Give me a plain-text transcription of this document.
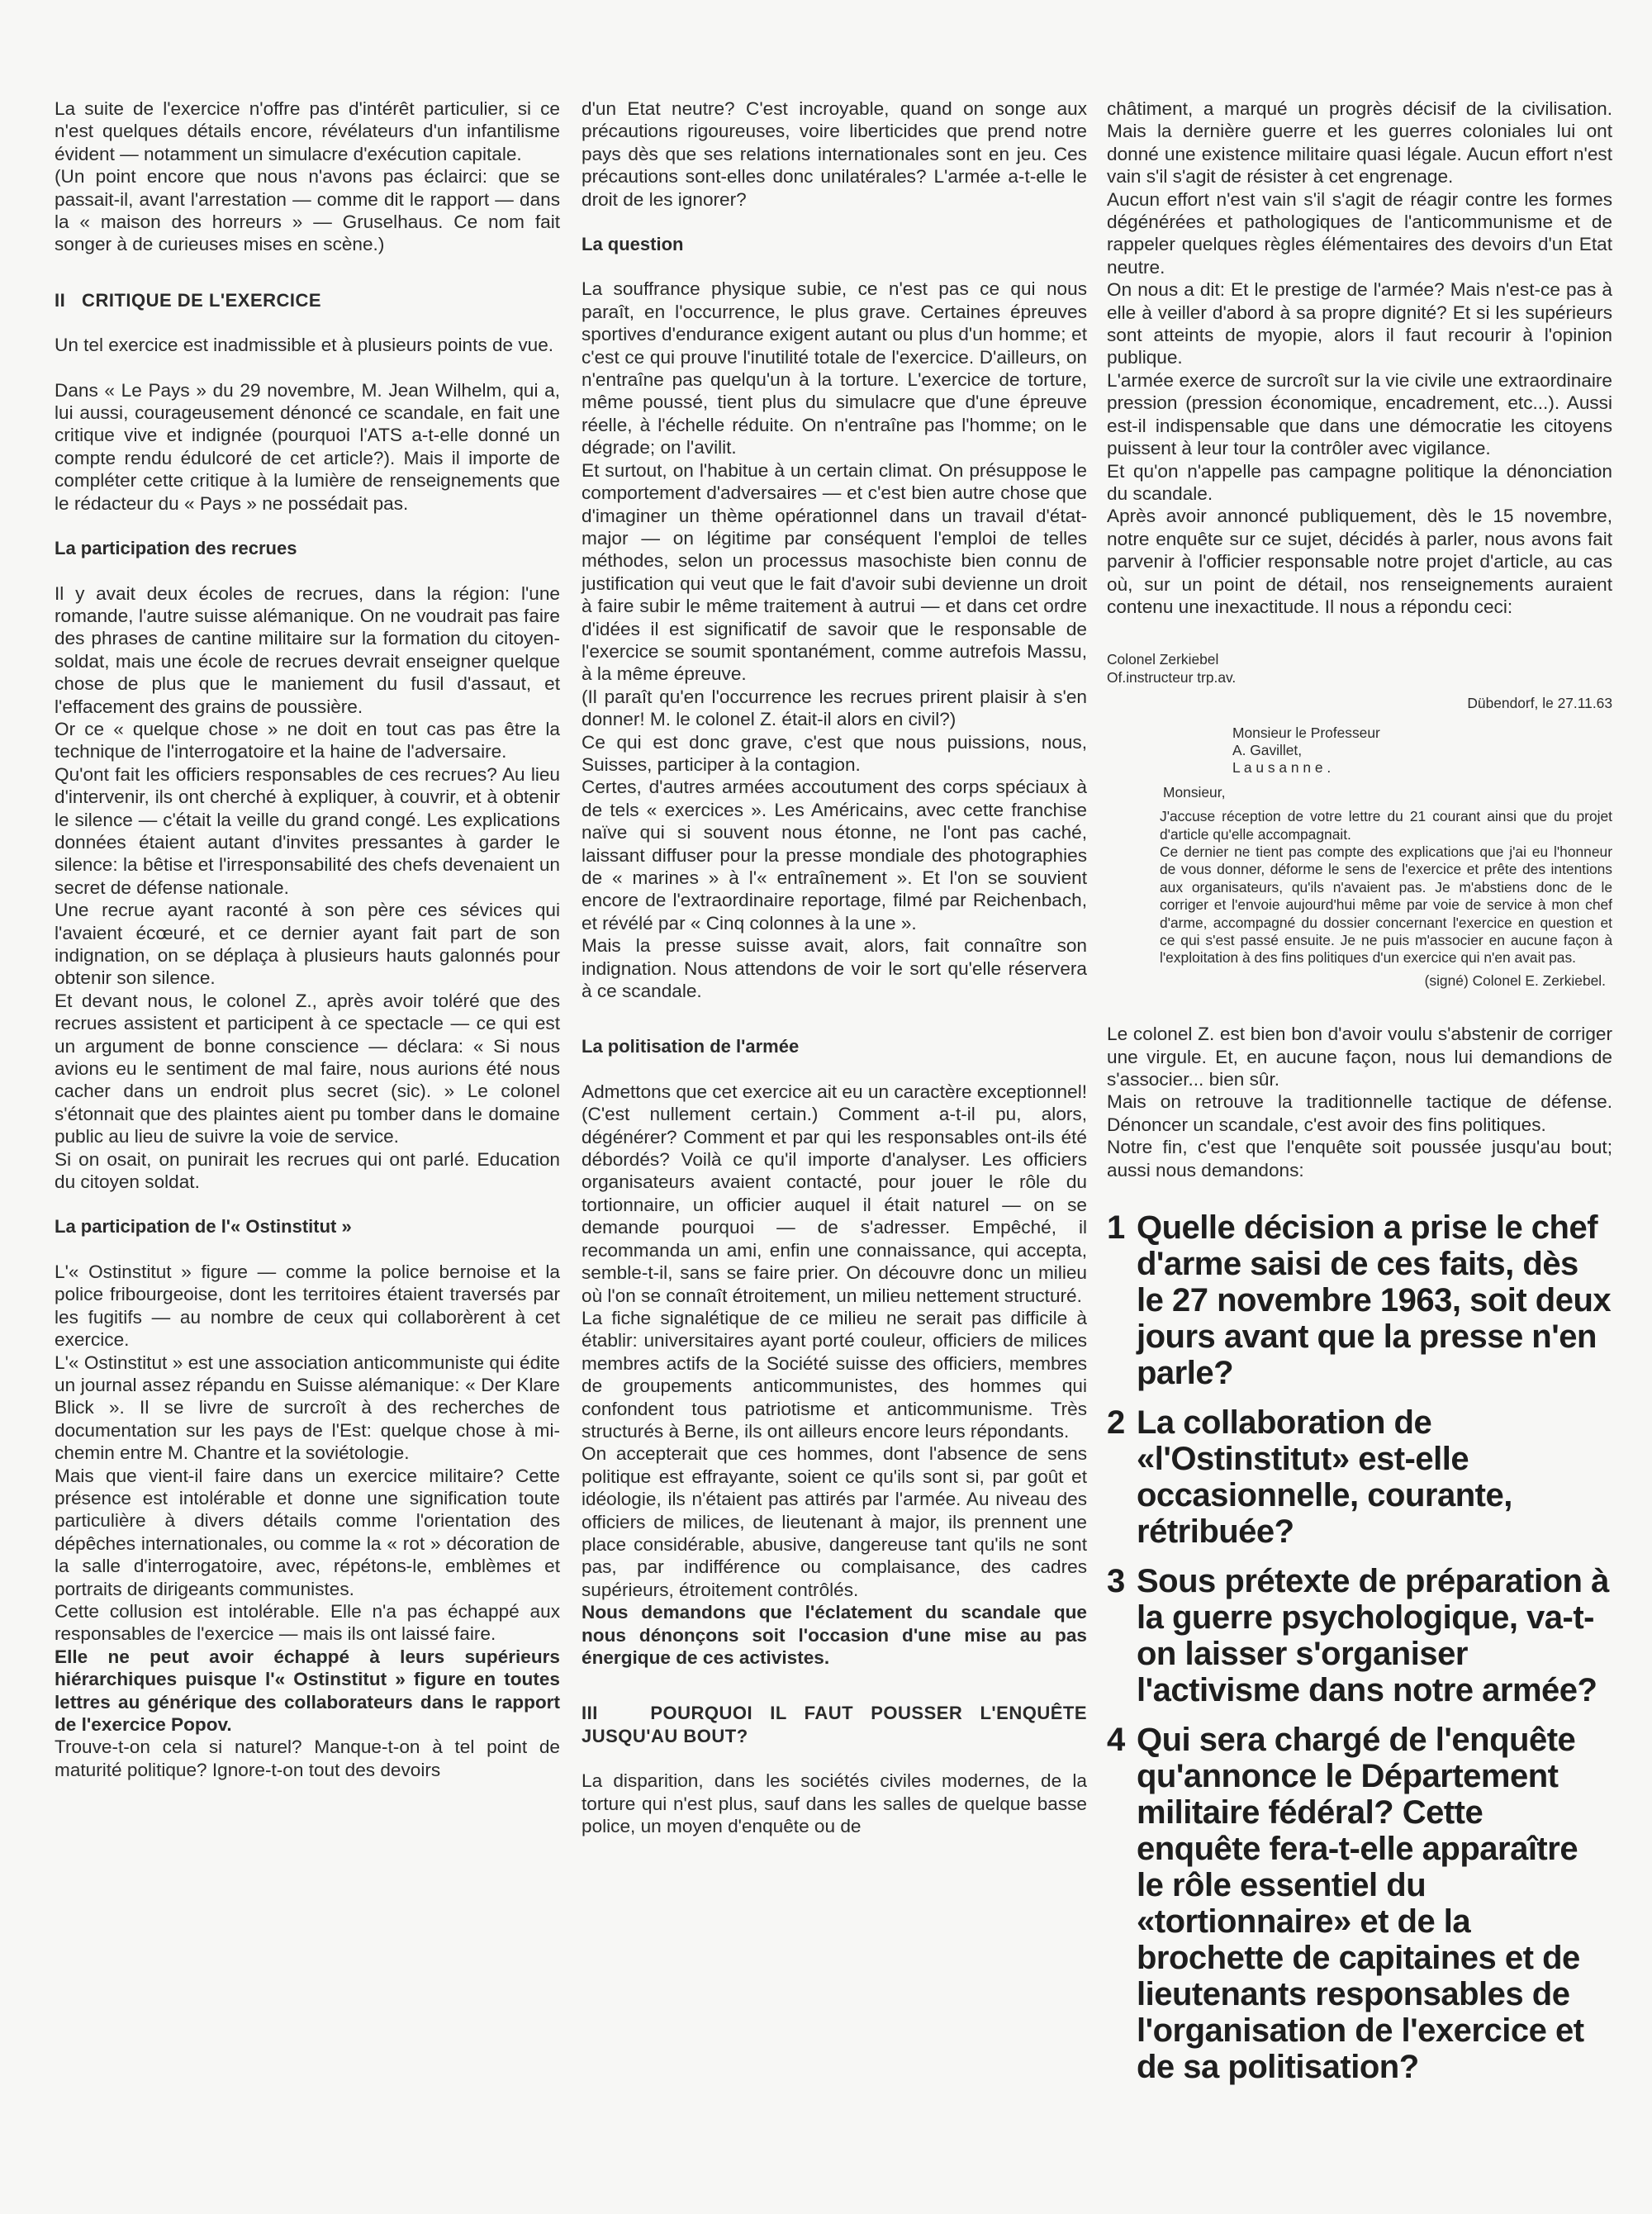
La suite de l'exercice n'offre pas d'intérêt particulier, si ce n'est quelques détails encore, révélateurs d'un infantilisme évident — notamment un simulacre d'exécution capitale.

(Un point encore que nous n'avons pas éclairci: que se passait-il, avant l'arrestation — comme dit le rapport — dans la « maison des horreurs » — Gruselhaus. Ce nom fait songer à de curieuses mises en scène.)

II   CRITIQUE DE L'EXERCICE

Un tel exercice est inadmissible et à plusieurs points de vue.

Dans « Le Pays » du 29 novembre, M. Jean Wilhelm, qui a, lui aussi, courageusement dénoncé ce scandale, en fait une critique vive et indignée (pourquoi l'ATS a-t-elle donné un compte rendu édulcoré de cet article?). Mais il importe de compléter cette critique à la lumière de renseignements que le rédacteur du « Pays » ne possédait pas.

La participation des recrues

Il y avait deux écoles de recrues, dans la région: l'une romande, l'autre suisse alémanique. On ne voudrait pas faire des phrases de cantine militaire sur la formation du citoyen-soldat, mais une école de recrues devrait enseigner quelque chose de plus que le maniement du fusil d'assaut, et l'effacement des grains de poussière.

Or ce « quelque chose » ne doit en tout cas pas être la technique de l'interrogatoire et la haine de l'adversaire.

Qu'ont fait les officiers responsables de ces recrues? Au lieu d'intervenir, ils ont cherché à expliquer, à couvrir, et à obtenir le silence — c'était la veille du grand congé. Les explications données étaient autant d'invites pressantes à garder le silence: la bêtise et l'irresponsabilité des chefs devenaient un secret de défense nationale.

Une recrue ayant raconté à son père ces sévices qui l'avaient écœuré, et ce dernier ayant fait part de son indignation, on se déplaça à plusieurs hauts galonnés pour obtenir son silence.

Et devant nous, le colonel Z., après avoir toléré que des recrues assistent et participent à ce spectacle — ce qui est un argument de bonne conscience — déclara: « Si nous avions eu le sentiment de mal faire, nous aurions été nous cacher dans un endroit plus secret (sic). » Le colonel s'étonnait que des plaintes aient pu tomber dans le domaine public au lieu de suivre la voie de service.

Si on osait, on punirait les recrues qui ont parlé. Education du citoyen soldat.

La participation de l'« Ostinstitut »

L'« Ostinstitut » figure — comme la police bernoise et la police fribourgeoise, dont les territoires étaient traversés par les fugitifs — au nombre de ceux qui collaborèrent à cet exercice.

L'« Ostinstitut » est une association anticommuniste qui édite un journal assez répandu en Suisse alémanique: « Der Klare Blick ». Il se livre de surcroît à des recherches de documentation sur les pays de l'Est: quelque chose à mi-chemin entre M. Chantre et la soviétologie.

Mais que vient-il faire dans un exercice militaire? Cette présence est intolérable et donne une signification toute particulière à divers détails comme l'orientation des dépêches internationales, ou comme la « rot » décoration de la salle d'interrogatoire, avec, répétons-le, emblèmes et portraits de dirigeants communistes.

Cette collusion est intolérable. Elle n'a pas échappé aux responsables de l'exercice — mais ils ont laissé faire.

Elle ne peut avoir échappé à leurs supérieurs hiérarchiques puisque l'« Ostinstitut » figure en toutes lettres au générique des collaborateurs dans le rapport de l'exercice Popov.

Trouve-t-on cela si naturel? Manque-t-on à tel point de maturité politique? Ignore-t-on tout des devoirs

d'un Etat neutre? C'est incroyable, quand on songe aux précautions rigoureuses, voire liberticides que prend notre pays dès que ses relations internationales sont en jeu. Ces précautions sont-elles donc unilatérales? L'armée a-t-elle le droit de les ignorer?

La question

La souffrance physique subie, ce n'est pas ce qui nous paraît, en l'occurrence, le plus grave. Certaines épreuves sportives d'endurance exigent autant ou plus d'un homme; et c'est ce qui prouve l'inutilité totale de l'exercice. D'ailleurs, on n'entraîne pas quelqu'un à la torture. L'exercice de torture, même poussé, tient plus du simulacre que d'une épreuve réelle, à l'échelle réduite. On n'entraîne pas l'homme; on le dégrade; on l'avilit.

Et surtout, on l'habitue à un certain climat. On présuppose le comportement d'adversaires — et c'est bien autre chose que d'imaginer un thème opérationnel dans un travail d'état-major — on légitime par conséquent l'emploi de telles méthodes, selon un processus masochiste bien connu de justification qui veut que le fait d'avoir subi devienne un droit à faire subir le même traitement à autrui — et dans cet ordre d'idées il est significatif de savoir que le responsable de l'exercice se soumit spontanément, comme autrefois Massu, à la même épreuve.

(Il paraît qu'en l'occurrence les recrues prirent plaisir à s'en donner! M. le colonel Z. était-il alors en civil?)

Ce qui est donc grave, c'est que nous puissions, nous, Suisses, participer à la contagion.

Certes, d'autres armées accoutument des corps spéciaux à de tels « exercices ». Les Américains, avec cette franchise naïve qui si souvent nous étonne, ne l'ont pas caché, laissant diffuser pour la presse mondiale des photographies de « marines » à l'« entraînement ». Et l'on se souvient encore de l'extraordinaire reportage, filmé par Reichenbach, et révélé par « Cinq colonnes à la une ».

Mais la presse suisse avait, alors, fait connaître son indignation. Nous attendons de voir le sort qu'elle réservera à ce scandale.

La politisation de l'armée

Admettons que cet exercice ait eu un caractère exceptionnel! (C'est nullement certain.) Comment a-t-il pu, alors, dégénérer? Comment et par qui les responsables ont-ils été débordés? Voilà ce qu'il importe d'analyser. Les officiers organisateurs avaient contacté, pour jouer le rôle du tortionnaire, un officier auquel il était naturel — on se demande pourquoi — de s'adresser. Empêché, il recommanda un ami, enfin une connaissance, qui accepta, semble-t-il, sans se faire prier. On découvre donc un milieu où l'on se connaît étroitement, un milieu nettement structuré.

La fiche signalétique de ce milieu ne serait pas difficile à établir: universitaires ayant porté couleur, officiers de milices membres actifs de la Société suisse des officiers, membres de groupements anticommunistes, des hommes qui confondent tous patriotisme et anticommunisme. Très structurés à Berne, ils ont ailleurs encore leurs répondants.

On accepterait que ces hommes, dont l'absence de sens politique est effrayante, soient ce qu'ils sont si, par goût et idéologie, ils n'étaient pas attirés par l'armée. Au niveau des officiers de milices, de lieutenant à major, ils prennent une place considérable, abusive, dangereuse tant qu'ils ne sont pas, par indifférence ou complaisance, des cadres supérieurs, étroitement contrôlés.

Nous demandons que l'éclatement du scandale que nous dénonçons soit l'occasion d'une mise au pas énergique de ces activistes.

III   POURQUOI IL FAUT POUSSER L'ENQUÊTE JUSQU'AU BOUT?

La disparition, dans les sociétés civiles modernes, de la torture qui n'est plus, sauf dans les salles de quelque basse police, un moyen d'enquête ou de

châtiment, a marqué un progrès décisif de la civilisation. Mais la dernière guerre et les guerres coloniales lui ont donné une existence militaire quasi légale. Aucun effort n'est vain s'il s'agit de résister à cet engrenage.

Aucun effort n'est vain s'il s'agit de réagir contre les formes dégénérées et pathologiques de l'anticommunisme et de rappeler quelques règles élémentaires des devoirs d'un Etat neutre.

On nous a dit: Et le prestige de l'armée? Mais n'est-ce pas à elle à veiller d'abord à sa propre dignité? Et si les supérieurs sont atteints de myopie, alors il faut recourir à l'opinion publique.

L'armée exerce de surcroît sur la vie civile une extraordinaire pression (pression économique, encadrement, etc...). Aussi est-il indispensable que dans une démocratie les citoyens puissent à leur tour la contrôler avec vigilance.

Et qu'on n'appelle pas campagne politique la dénonciation du scandale.

Après avoir annoncé publiquement, dès le 15 novembre, notre enquête sur ce sujet, décidés à parler, nous avons fait parvenir à l'officier responsable notre projet d'article, au cas où, sur un point de détail, nos renseignements auraient contenu une inexactitude. Il nous a répondu ceci:

Colonel Zerkiebel

Of.instructeur trp.av.

Dübendorf, le 27.11.63

Monsieur le Professeur

A. Gavillet,

L a u s a n n e .

Monsieur,

J'accuse réception de votre lettre du 21 courant ainsi que du projet d'article qu'elle accompagnait.

Ce dernier ne tient pas compte des explications que j'ai eu l'honneur de vous donner, déforme le sens de l'exercice et prête des intentions aux organisateurs, qu'ils n'avaient pas. Je m'abstiens donc de le corriger et l'envoie aujourd'hui même par voie de service à mon chef d'arme, accompagné du dossier concernant l'exercice en question et ce qui s'est passé ensuite. Je ne puis m'associer en aucune façon à l'exploitation à des fins politiques d'un exercice qui n'en avait pas.

(signé) Colonel E. Zerkiebel.

Le colonel Z. est bien bon d'avoir voulu s'abstenir de corriger une virgule. Et, en aucune façon, nous lui demandions de s'associer... bien sûr.

Mais on retrouve la traditionnelle tactique de défense. Dénoncer un scandale, c'est avoir des fins politiques.

Notre fin, c'est que l'enquête soit poussée jusqu'au bout; aussi nous demandons:

1 Quelle décision a prise le chef d'arme saisi de ces faits, dès le 27 novembre 1963, soit deux jours avant que la presse n'en parle?
2 La collaboration de «l'Ostinstitut» est-elle occasionnelle, courante, rétribuée?
3 Sous prétexte de préparation à la guerre psychologique, va-t-on laisser s'organiser l'activisme dans notre armée?
4 Qui sera chargé de l'enquête qu'annonce le Département militaire fédéral? Cette enquête fera-t-elle apparaître le rôle essentiel du «tortionnaire» et de la brochette de capitaines et de lieutenants responsables de l'organisation de l'exercice et de sa politisation?
